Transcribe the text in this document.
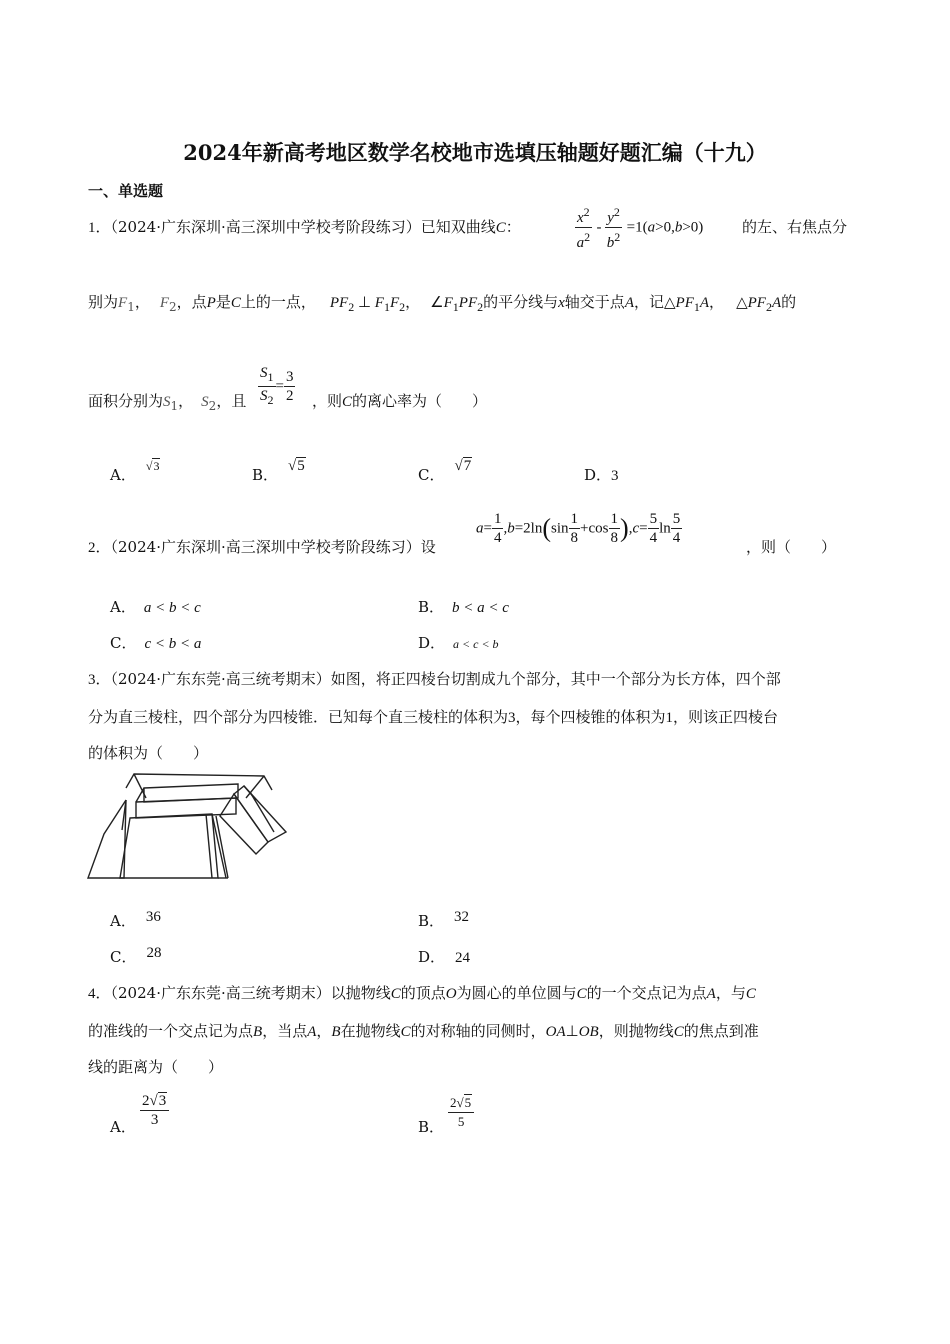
2024年新高考地区数学名校地市选填压轴题好题汇编（十九）
一、单选题
1．（2024·广东深圳·高三深圳中学校考阶段练习）已知双曲线C：	$\frac{x^2}{a^2} - \frac{y^2}{b^2} =1(a>0,b>0)$	的左、右焦点分
别为$F_1$， $F_2$，点P是C上的一点， $PF_2$ ⊥ $F_1F_2$， $\angle F_1PF_2$的平分线与x轴交于点A，记$\triangle PF_1A$， $\triangle PF_2A$的
面积分别为$S_1$， $S_2$，且 $\frac{S_1}{S_2} = \frac{3}{2}$ ，则C的离心率为（　　）
A． $^{√3}$	B． √5	C． √7	D．3
2．（2024·广东深圳·高三深圳中学校考阶段练习）设
$a= \frac{1}{4} ,b=2\ln(\sin \frac{1}{8} +\cos \frac{1}{8} ),c= \frac{5}{4}$ $\ln \frac{5}{4}$	，则（　　）
A． a < b < c	B． b < a < c
C． c < b < a	D． a < c < b
3．（2024·广东东莞·高三统考期末）如图，将正四棱台切割成九个部分，其中一个部分为长方体，四个部
分为直三棱柱，四个部分为四棱锥．已知每个直三棱柱的体积为3，每个四棱锥的体积为1，则该正四棱台
的体积为（　　）
A． 36	B． 32
C． 28	D． 24
4．（2024·广东东莞·高三统考期末）以抛物线C的顶点O为圆心的单位圆与C的一个交点记为点A，与C
的准线的一个交点记为点B，当点A，B在抛物线C的对称轴的同侧时，OA⊥OB，则抛物线C的焦点到准
线的距离为（　　）
A． $\frac{2√3}{3}$	B． $\frac{2√5}{5}$
